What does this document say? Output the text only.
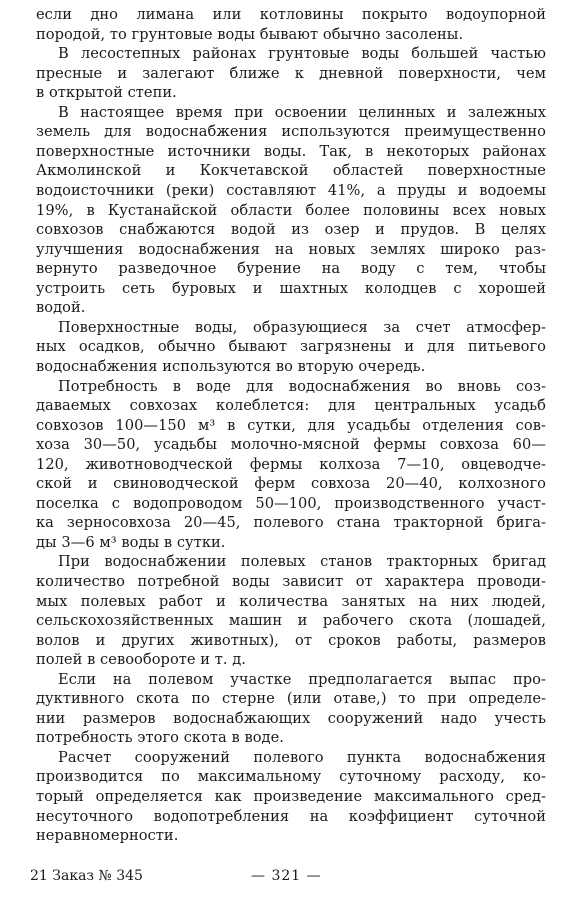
если дно лимана или котловины покрыто водоупорной
породой, то грунтовые воды бывают обычно засолены.
В лесостепных районах грунтовые воды большей частью
пресные и залегают ближе к дневной поверхности, чем
в открытой степи.
В настоящее время при освоении целинных и залежных
земель для водоснабжения используются преимущественно
поверхностные источники воды. Так, в некоторых районах
Акмолинской и Кокчетавской областей поверхностные
водоисточники (реки) составляют 41%, а пруды и водоемы
19%, в Кустанайской области более половины всех новых
совхозов снабжаются водой из озер и прудов. В целях
улучшения водоснабжения на новых землях широко раз-
вернуто разведочное бурение на воду с тем, чтобы
устроить сеть буровых и шахтных колодцев с хорошей
водой.
Поверхностные воды, образующиеся за счет атмосфер-
ных осадков, обычно бывают загрязнены и для питьевого
водоснабжения используются во вторую очередь.
Потребность в воде для водоснабжения во вновь соз-
даваемых совхозах колеблется: для центральных усадьб
совхозов 100—150 м³ в сутки, для усадьбы отделения сов-
хоза 30—50, усадьбы молочно-мясной фермы совхоза 60—
120, животноводческой фермы колхоза 7—10, овцеводче-
ской и свиноводческой ферм совхоза 20—40, колхозного
поселка с водопроводом 50—100, производственного участ-
ка зерносовхоза 20—45, полевого стана тракторной брига-
ды 3—6 м³ воды в сутки.
При водоснабжении полевых станов тракторных бригад
количество потребной воды зависит от характера проводи-
мых полевых работ и количества занятых на них людей,
сельскохозяйственных машин и рабочего скота (лошадей,
волов и других животных), от сроков работы, размеров
полей в севообороте и т. д.
Если на полевом участке предполагается выпас про-
дуктивного скота по стерне (или отаве,) то при определе-
нии размеров водоснабжающих сооружений надо учесть
потребность этого скота в воде.
Расчет сооружений полевого пункта водоснабжения
производится по максимальному суточному расходу, ко-
торый определяется как произведение максимального сред-
несуточного водопотребления на коэффициент суточной
неравномерности.
21 Заказ № 345	— 321 —
